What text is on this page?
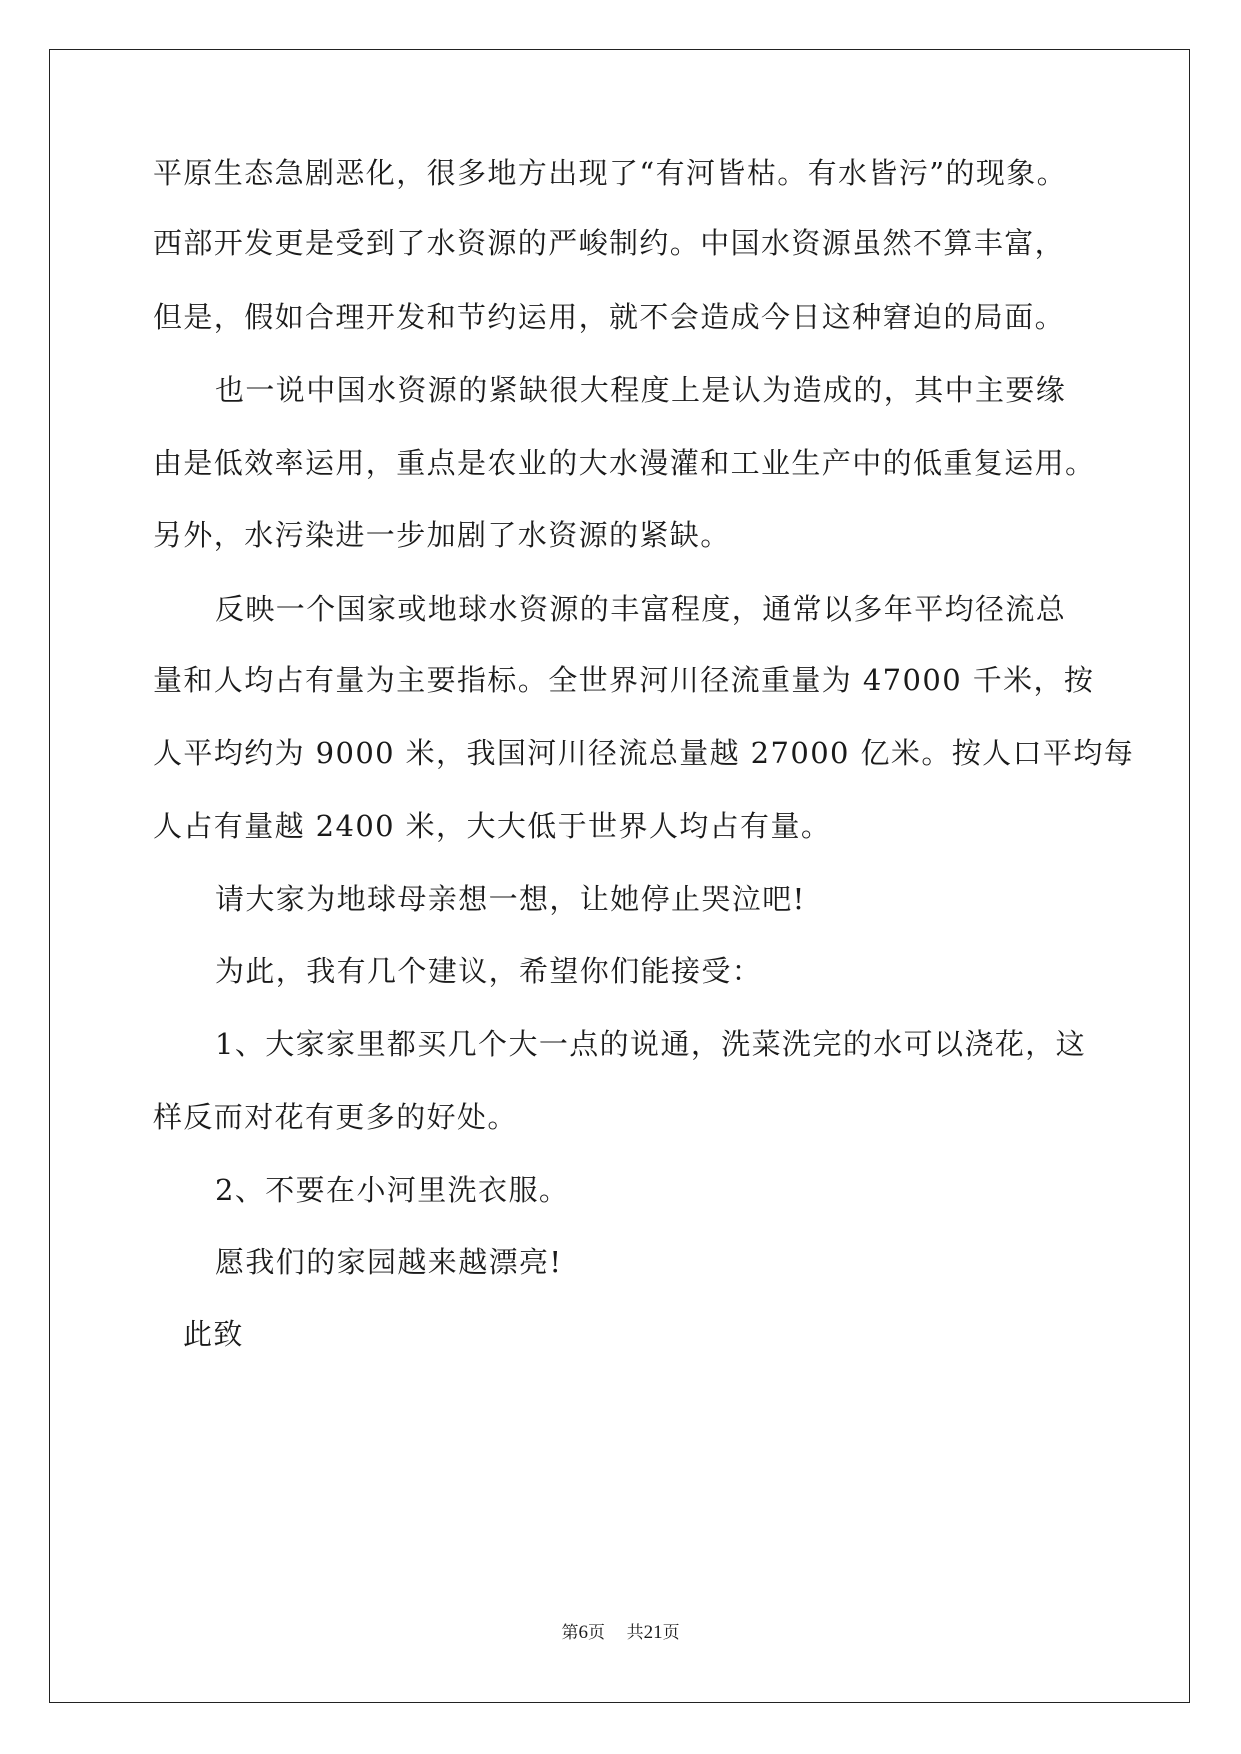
平原生态急剧恶化，很多地方出现了“有河皆枯。有水皆污”的现象。
西部开发更是受到了水资源的严峻制约。中国水资源虽然不算丰富，
但是，假如合理开发和节约运用，就不会造成今日这种窘迫的局面。
也一说中国水资源的紧缺很大程度上是认为造成的，其中主要缘
由是低效率运用，重点是农业的大水漫灌和工业生产中的低重复运用。
另外，水污染进一步加剧了水资源的紧缺。
反映一个国家或地球水资源的丰富程度，通常以多年平均径流总
量和人均占有量为主要指标。全世界河川径流重量为 47000 千米，按
人平均约为 9000 米，我国河川径流总量越 27000 亿米。按人口平均每
人占有量越 2400 米，大大低于世界人均占有量。
请大家为地球母亲想一想，让她停止哭泣吧!
为此，我有几个建议，希望你们能接受：
1、大家家里都买几个大一点的说通，洗菜洗完的水可以浇花，这
样反而对花有更多的好处。
2、不要在小河里洗衣服。
愿我们的家园越来越漂亮!
此致
第6页 共21页
